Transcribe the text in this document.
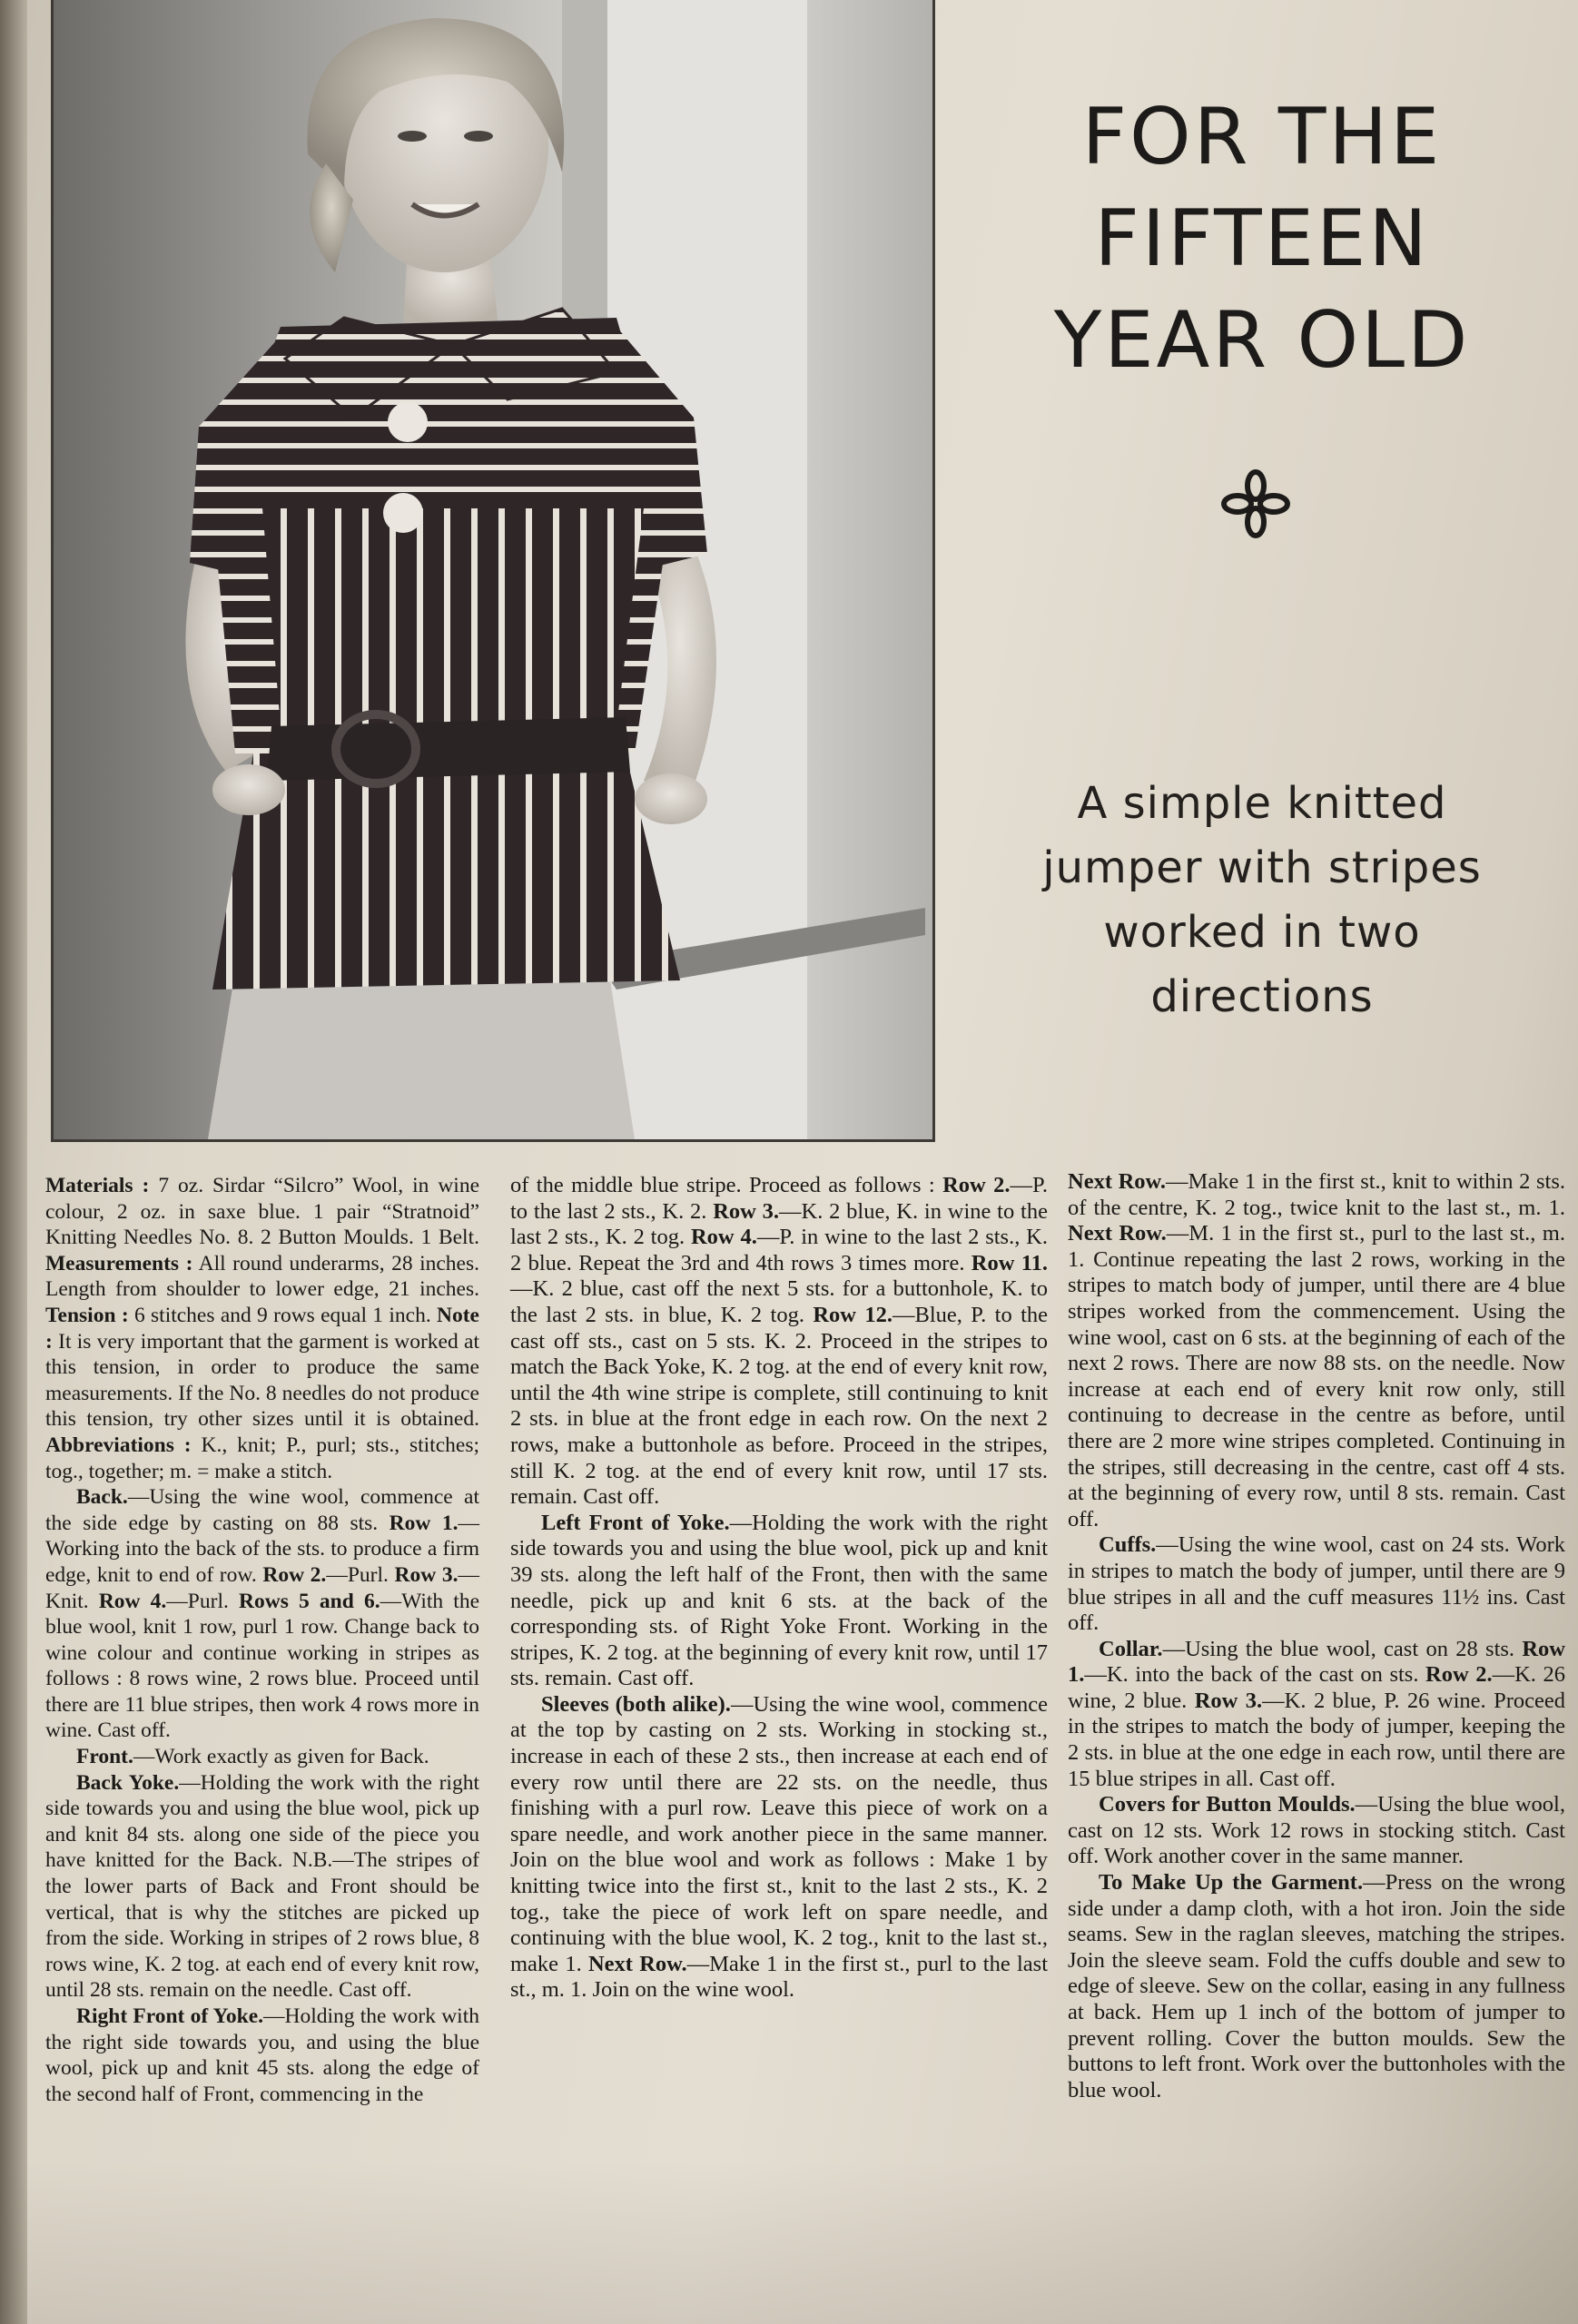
FOR THE
FIFTEEN
YEAR OLD
A simple knitted
jumper with stripes
worked in two
directions

Materials : 7 oz. Sirdar “Silcro” Wool, in wine colour, 2 oz. in saxe blue. 1 pair “Stratnoid” Knitting Needles No. 8. 2 Button Moulds. 1 Belt. Measurements : All round underarms, 28 inches. Length from shoulder to lower edge, 21 inches. Tension : 6 stitches and 9 rows equal 1 inch. Note : It is very important that the garment is worked at this tension, in order to produce the same measurements. If the No. 8 needles do not produce this tension, try other sizes until it is obtained. Abbreviations : K., knit; P., purl; sts., stitches; tog., together; m. = make a stitch.

Back.—Using the wine wool, commence at the side edge by casting on 88 sts. Row 1.—Working into the back of the sts. to produce a firm edge, knit to end of row. Row 2.—Purl. Row 3.—Knit. Row 4.—Purl. Rows 5 and 6.—With the blue wool, knit 1 row, purl 1 row. Change back to wine colour and continue working in stripes as follows : 8 rows wine, 2 rows blue. Proceed until there are 11 blue stripes, then work 4 rows more in wine. Cast off.

Front.—Work exactly as given for Back.

Back Yoke.—Holding the work with the right side towards you and using the blue wool, pick up and knit 84 sts. along one side of the piece you have knitted for the Back. N.B.—The stripes of the lower parts of Back and Front should be vertical, that is why the stitches are picked up from the side. Working in stripes of 2 rows blue, 8 rows wine, K. 2 tog. at each end of every knit row, until 28 sts. remain on the needle. Cast off.

Right Front of Yoke.—Holding the work with the right side towards you, and using the blue wool, pick up and knit 45 sts. along the edge of the second half of Front, commencing in the

of the middle blue stripe. Proceed as follows : Row 2.—P. to the last 2 sts., K. 2. Row 3.—K. 2 blue, K. in wine to the last 2 sts., K. 2 tog. Row 4.—P. in wine to the last 2 sts., K. 2 blue. Repeat the 3rd and 4th rows 3 times more. Row 11.—K. 2 blue, cast off the next 5 sts. for a buttonhole, K. to the last 2 sts. in blue, K. 2 tog. Row 12.—Blue, P. to the cast off sts., cast on 5 sts. K. 2. Proceed in the stripes to match the Back Yoke, K. 2 tog. at the end of every knit row, until the 4th wine stripe is complete, still continuing to knit 2 sts. in blue at the front edge in each row. On the next 2 rows, make a buttonhole as before. Proceed in the stripes, still K. 2 tog. at the end of every knit row, until 17 sts. remain. Cast off.

Left Front of Yoke.—Holding the work with the right side towards you and using the blue wool, pick up and knit 39 sts. along the left half of the Front, then with the same needle, pick up and knit 6 sts. at the back of the corresponding sts. of Right Yoke Front. Working in the stripes, K. 2 tog. at the beginning of every knit row, until 17 sts. remain. Cast off.

Sleeves (both alike).—Using the wine wool, commence at the top by casting on 2 sts. Working in stocking st., increase in each of these 2 sts., then increase at each end of every row until there are 22 sts. on the needle, thus finishing with a purl row. Leave this piece of work on a spare needle, and work another piece in the same manner. Join on the blue wool and work as follows : Make 1 by knitting twice into the first st., knit to the last 2 sts., K. 2 tog., take the piece of work left on spare needle, and continuing with the blue wool, K. 2 tog., knit to the last st., make 1. Next Row.—Make 1 in the first st., purl to the last st., m. 1. Join on the wine wool.

Next Row.—Make 1 in the first st., knit to within 2 sts. of the centre, K. 2 tog., twice knit to the last st., m. 1. Next Row.—M. 1 in the first st., purl to the last st., m. 1. Continue repeating the last 2 rows, working in the stripes to match body of jumper, until there are 4 blue stripes worked from the commencement. Using the wine wool, cast on 6 sts. at the beginning of each of the next 2 rows. There are now 88 sts. on the needle. Now increase at each end of every knit row only, still continuing to decrease in the centre as before, until there are 2 more wine stripes completed. Continuing in the stripes, still decreasing in the centre, cast off 4 sts. at the beginning of every row, until 8 sts. remain. Cast off.

Cuffs.—Using the wine wool, cast on 24 sts. Work in stripes to match the body of jumper, until there are 9 blue stripes in all and the cuff measures 11½ ins. Cast off.

Collar.—Using the blue wool, cast on 28 sts. Row 1.—K. into the back of the cast on sts. Row 2.—K. 26 wine, 2 blue. Row 3.—K. 2 blue, P. 26 wine. Proceed in the stripes to match the body of jumper, keeping the 2 sts. in blue at the one edge in each row, until there are 15 blue stripes in all. Cast off.

Covers for Button Moulds.—Using the blue wool, cast on 12 sts. Work 12 rows in stocking stitch. Cast off. Work another cover in the same manner.

To Make Up the Garment.—Press on the wrong side under a damp cloth, with a hot iron. Join the side seams. Sew in the raglan sleeves, matching the stripes. Join the sleeve seam. Fold the cuffs double and sew to edge of sleeve. Sew on the collar, easing in any fullness at back. Hem up 1 inch of the bottom of jumper to prevent rolling. Cover the button moulds. Sew the buttons to left front. Work over the buttonholes with the blue wool.
